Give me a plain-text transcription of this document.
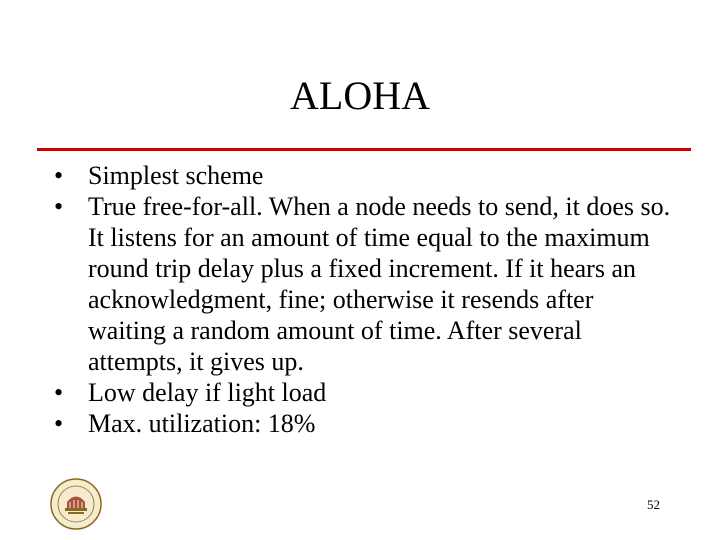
ALOHA
• Simplest scheme
• True free-for-all. When a node needs to send, it does so. It listens for an amount of time equal to the maximum round trip delay plus a fixed increment. If it hears an acknowledgment, fine; otherwise it resends after waiting a random amount of time. After several attempts, it gives up.
• Low delay if light load
• Max. utilization: 18%
52
